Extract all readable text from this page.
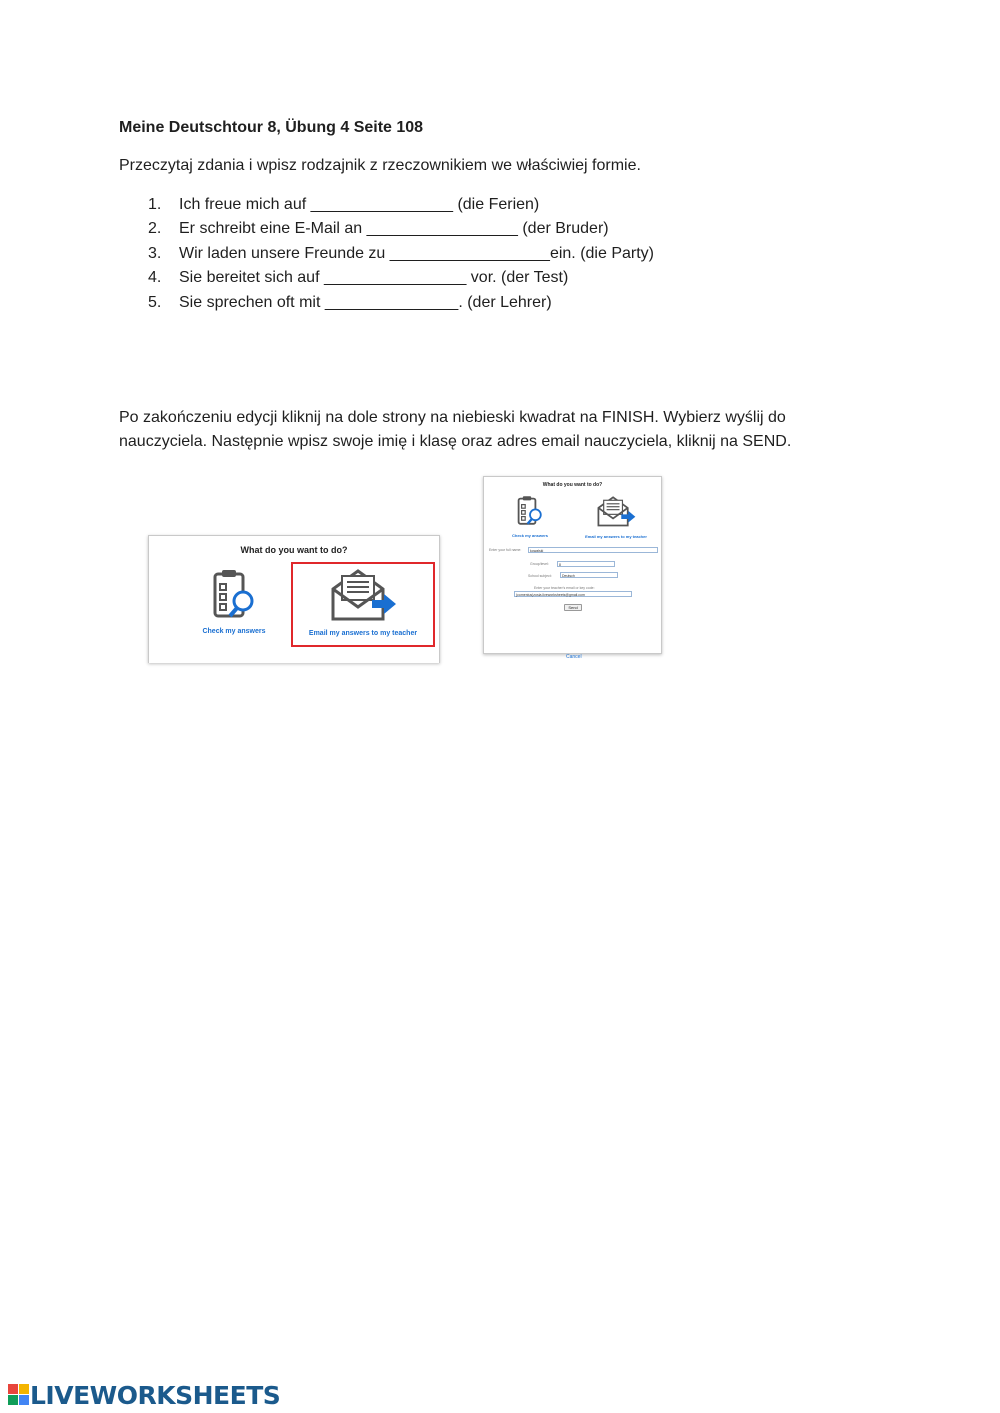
Meine Deutschtour 8, Übung 4 Seite 108

Przeczytaj zdania i wpisz rodzajnik z rzeczownikiem we właściwiej formie.

1. Ich freue mich auf ________________ (die Ferien)
2. Er schreibt eine E-Mail an _________________ (der Bruder)
3. Wir laden unsere Freunde zu __________________ein. (die Party)
4. Sie bereitet sich auf ________________ vor. (der Test)
5. Sie sprechen oft mit _______________. (der Lehrer)

Po zakończeniu edycji kliknij na dole strony na niebieski kwadrat na FINISH. Wybierz wyślij do nauczyciela. Następnie wpisz swoje imię i klasę oraz adres email nauczyciela, kliknij na SEND.

What do you want to do?
Check my answers	Email my answers to my teacher
What do you want to do?
Check my answers	Email my answers to my teacher
Enter your full name:	kowalski
Group/level:	8
School subject:	Deutsch
Enter your teacher's email or key code:
(comenius)zosia.liveworksheets@gmail.com
Send
Cancel
LIVEWORKSHEETS
